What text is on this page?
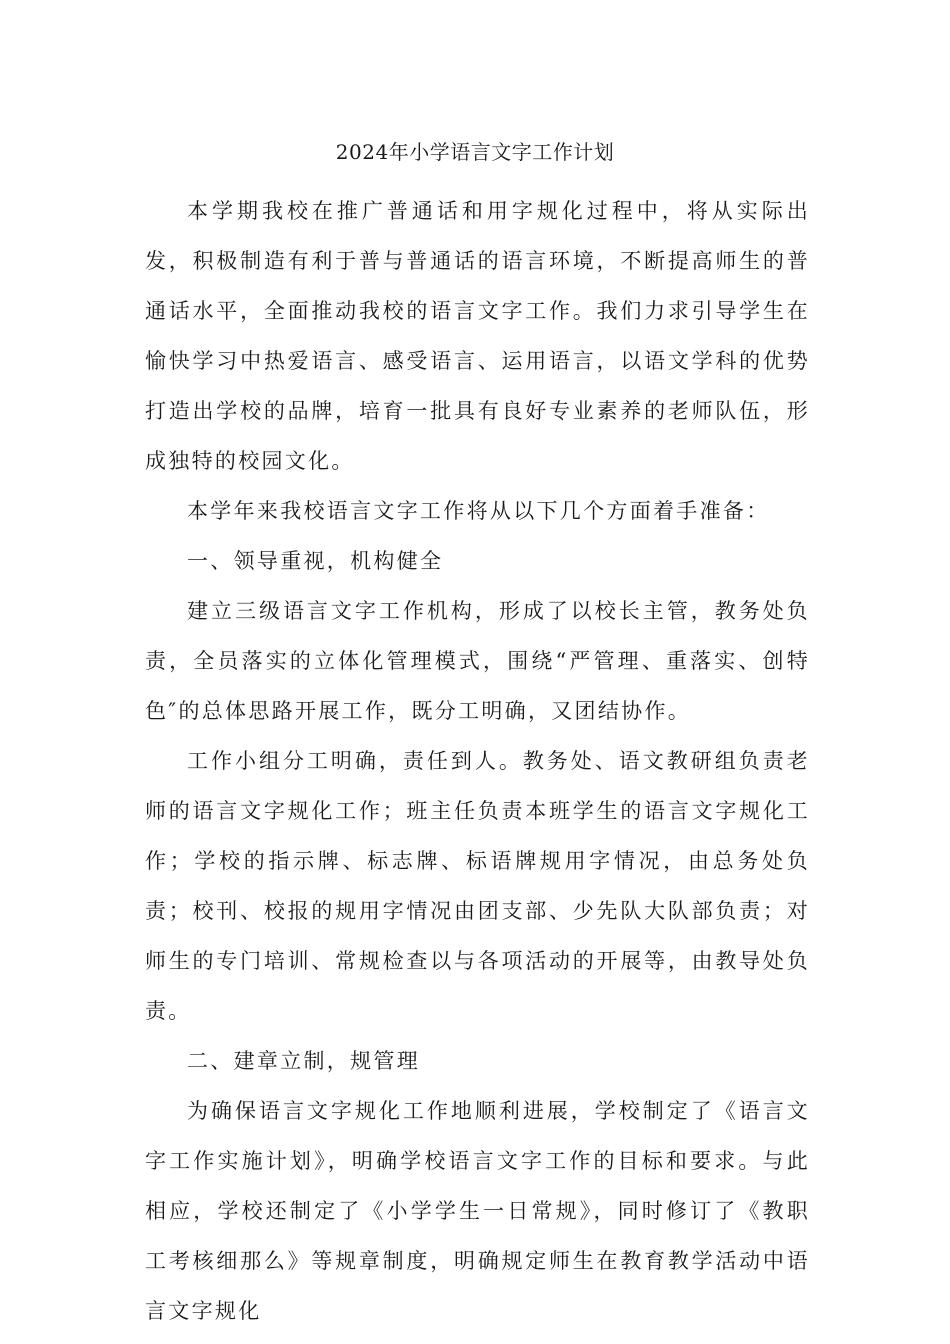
2024年小学语言文字工作计划

本学期我校在推广普通话和用字规化过程中，将从实际出发，积极制造有利于普与普通话的语言环境，不断提高师生的普通话水平，全面推动我校的语言文字工作。我们力求引导学生在愉快学习中热爱语言、感受语言、运用语言，以语文学科的优势打造出学校的品牌，培育一批具有良好专业素养的老师队伍，形成独特的校园文化。

本学年来我校语言文字工作将从以下几个方面着手准备：

一、领导重视，机构健全

建立三级语言文字工作机构，形成了以校长主管，教务处负责，全员落实的立体化管理模式，围绕“严管理、重落实、创特色″的总体思路开展工作，既分工明确，又团结协作。

工作小组分工明确，责任到人。教务处、语文教研组负责老师的语言文字规化工作；班主任负责本班学生的语言文字规化工作；学校的指示牌、标志牌、标语牌规用字情况，由总务处负责；校刊、校报的规用字情况由团支部、少先队大队部负责；对师生的专门培训、常规检查以与各项活动的开展等，由教导处负责。

二、建章立制，规管理

为确保语言文字规化工作地顺利进展，学校制定了《语言文字工作实施计划》，明确学校语言文字工作的目标和要求。与此相应，学校还制定了《小学学生一日常规》，同时修订了《教职工考核细那么》等规章制度，明确规定师生在教育教学活动中语言文字规化
